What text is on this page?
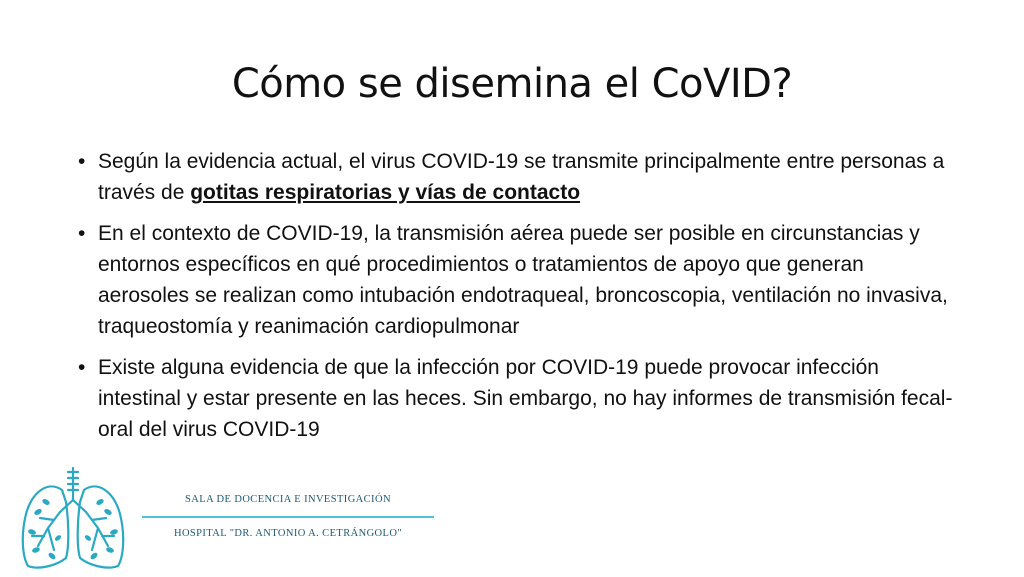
Cómo se disemina el CoVID?
• Según la evidencia actual, el virus COVID-19 se transmite principalmente entre personas a través de gotitas respiratorias y vías de contacto
• En el contexto de COVID-19, la transmisión aérea puede ser posible en circunstancias y entornos específicos en qué procedimientos o tratamientos de apoyo que generan aerosoles se realizan como intubación endotraqueal, broncoscopia, ventilación no invasiva, traqueostomía y reanimación cardiopulmonar
• Existe alguna evidencia de que la infección por COVID-19 puede provocar infección intestinal y estar presente en las heces. Sin embargo, no hay informes de transmisión fecal-oral del virus COVID-19
SALA DE DOCENCIA E INVESTIGACIÓN
HOSPITAL "DR. ANTONIO A. CETRÁNGOLO"
